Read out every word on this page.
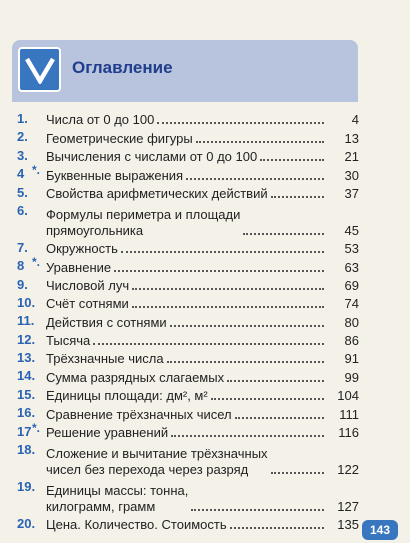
Оглавление
1.	Числа от 0 до 100	4
2.	Геометрические фигуры	13
3.	Вычисления с числами от 0 до 100	21
4 *. Буквенные выражения	30
5.	Свойства арифметических действий	37
6.	Формулы периметра и площади
прямоугольника	45
7.	Окружность	53
8 *. Уравнение	63
9.	Числовой луч	69
10. Счёт сотнями	74
11. Действия с сотнями	80
12. Тысяча	86
13. Трёхзначные числа	91
14. Сумма разрядных слагаемых	99
15. Единицы площади: дм², м²	104
16. Сравнение трёхзначных чисел	111
17 *. Решение уравнений	116
18. Сложение и вычитание трёхзначных
чисел без перехода через разряд	122
19. Единицы массы: тонна,
килограмм, грамм	127
20. Цена. Количество. Стоимость	135 143
